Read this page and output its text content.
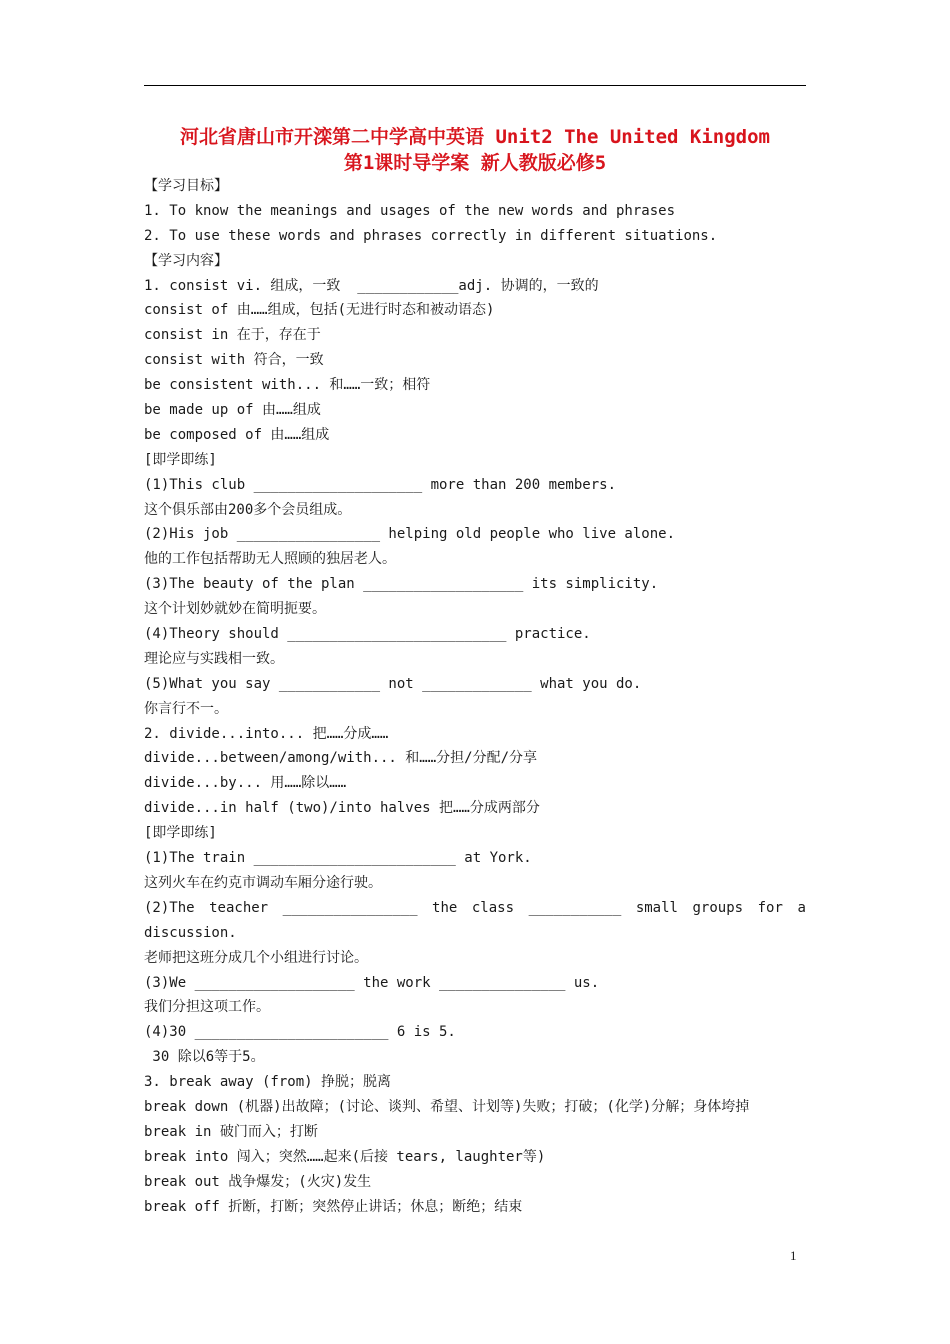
河北省唐山市开滦第二中学高中英语 Unit2 The United Kingdom
第1课时导学案 新人教版必修5
【学习目标】
1. To know the meanings and usages of the new words and phrases
2. To use these words and phrases correctly in different situations.
【学习内容】
1. consist vi. 组成，一致  ____________adj. 协调的，一致的
consist of 由……组成，包括(无进行时态和被动语态)
consist in 在于，存在于
consist with 符合，一致
be consistent with... 和……一致；相符
be made up of 由……组成
be composed of 由……组成
[即学即练]
(1)This club ____________________ more than 200 members.
这个俱乐部由200多个会员组成。
(2)His job _________________ helping old people who live alone.
他的工作包括帮助无人照顾的独居老人。
(3)The beauty of the plan ___________________ its simplicity.
这个计划妙就妙在简明扼要。
(4)Theory should __________________________ practice.
理论应与实践相一致。
(5)What you say ____________ not _____________ what you do.
你言行不一。
2. divide...into... 把……分成……
divide...between/among/with... 和……分担/分配/分享
divide...by... 用……除以……
divide...in half (two)/into halves 把……分成两部分
[即学即练]
(1)The train ________________________ at York.
这列火车在约克市调动车厢分途行驶。
(2)The teacher ________________ the class ___________ small groups for a
discussion.
老师把这班分成几个小组进行讨论。
(3)We ___________________ the work _______________ us.
我们分担这项工作。
(4)30 _______________________ 6 is 5.
30 除以6等于5。
3. break away (from) 挣脱；脱离
break down (机器)出故障；(讨论、谈判、希望、计划等)失败；打破；(化学)分解；身体垮掉
break in 破门而入；打断
break into 闯入；突然……起来(后接 tears, laughter等)
break out 战争爆发；(火灾)发生
break off 折断，打断；突然停止讲话；休息；断绝；结束
1
